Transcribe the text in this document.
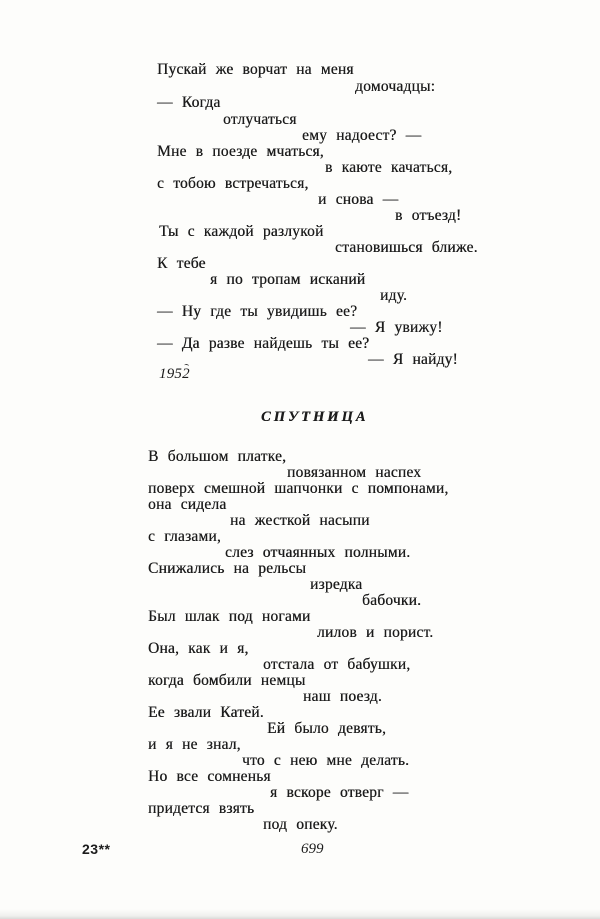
Пускай же ворчат на меня
домочадцы:
— Когда
отлучаться
ему надоест? —
Мне в поезде мчаться,
в каюте качаться,
с тобою встречаться,
и снова —
в отъезд!
Ты с каждой разлукой
становишься ближе.
К тебе
я по тропам исканий
иду.
— Ну где ты увидишь ее?
— Я увижу!
— Да разве найдешь ты ее?
— Я найду!
1952
СПУТНИЦА
В большом платке,
повязанном наспех
поверх смешной шапчонки с помпонами,
она сидела
на жесткой насыпи
с глазами,
слез отчаянных полными.
Снижались на рельсы
изредка
бабочки.
Был шлак под ногами
лилов и порист.
Она, как и я,
отстала от бабушки,
когда бомбили немцы
наш поезд.
Ее звали Катей.
Ей было девять,
и я не знал,
что с нею мне делать.
Но все сомненья
я вскоре отверг —
придется взять
под опеку.
23**	699
